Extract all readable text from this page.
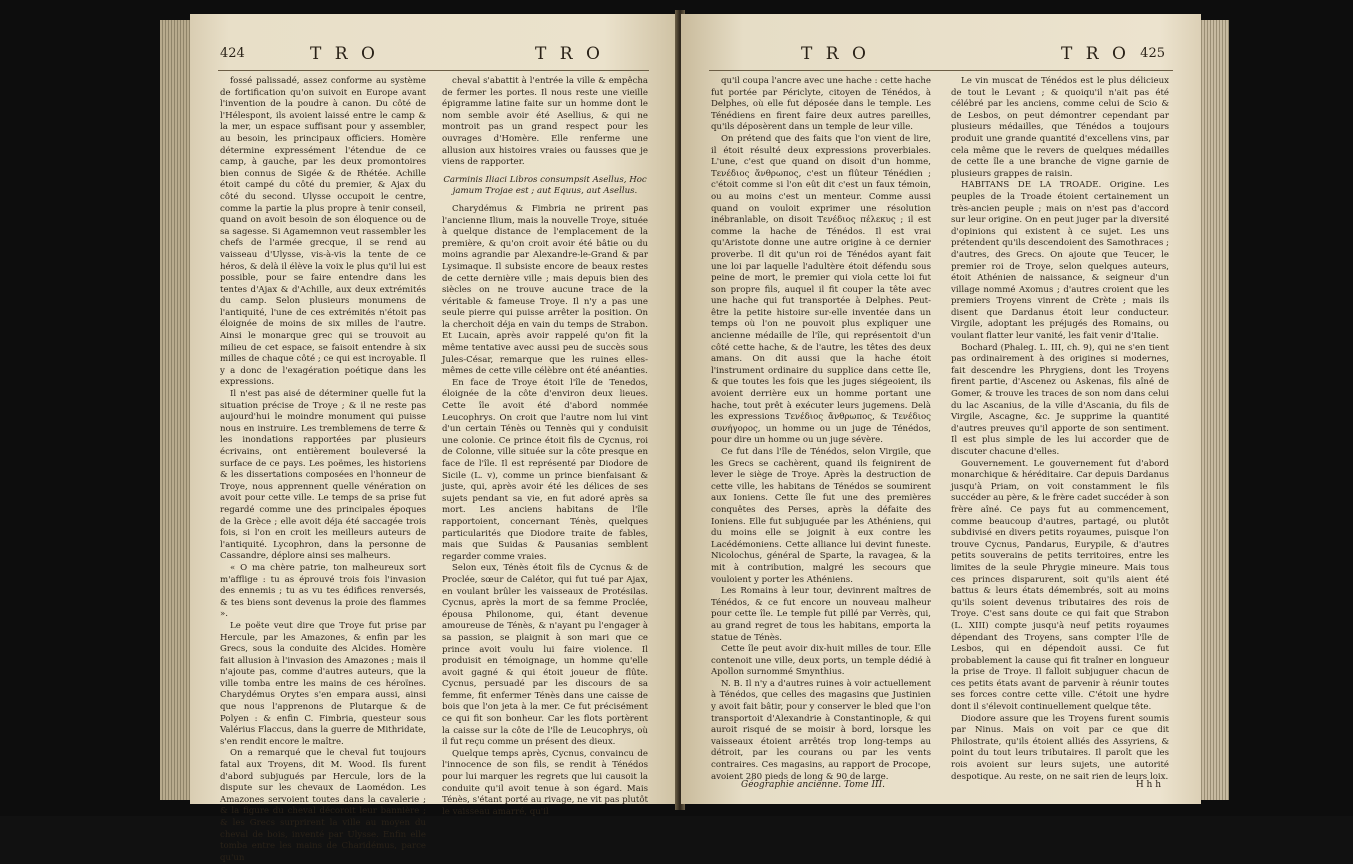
424	T R O	T R O

fossé palissadé, assez conforme au système de fortification qu'on suivoit en Europe avant l'invention de la poudre à canon. Du côté de l'Hélespont, ils avoient laissé entre le camp & la mer, un espace suffisant pour y assembler, au besoin, les principaux officiers. Homère détermine expressément l'étendue de ce camp, à gauche, par les deux promontoires bien connus de Sigée & de Rhétée. Achille étoit campé du côté du premier, & Ajax du côté du second. Ulysse occupoit le centre, comme la partie la plus propre à tenir conseil, quand on avoit besoin de son éloquence ou de sa sagesse. Si Agamemnon veut rassembler les chefs de l'armée grecque, il se rend au vaisseau d'Ulysse, vis-à-vis la tente de ce héros, & delà il élève la voix le plus qu'il lui est possible, pour se faire entendre dans les tentes d'Ajax & d'Achille, aux deux extrémités du camp. Selon plusieurs monumens de l'antiquité, l'une de ces extrémités n'étoit pas éloignée de moins de six milles de l'autre. Ainsi le monarque grec qui se trouvoit au milieu de cet espace, se faisoit entendre à six milles de chaque côté ; ce qui est incroyable. Il y a donc de l'exagération poétique dans les expressions.

Il n'est pas aisé de déterminer quelle fut la situation précise de Troye ; & il ne reste pas aujourd'hui le moindre monument qui puisse nous en instruire. Les tremblemens de terre & les inondations rapportées par plusieurs écrivains, ont entièrement bouleversé la surface de ce pays. Les poëmes, les historiens & les dissertations composées en l'honneur de Troye, nous apprennent quelle vénération on avoit pour cette ville. Le temps de sa prise fut regardé comme une des principales époques de la Grèce ; elle avoit déja été saccagée trois fois, si l'on en croit les meilleurs auteurs de l'antiquité. Lycophron, dans la personne de Cassandre, déplore ainsi ses malheurs.

« O ma chère patrie, ton malheureux sort m'afflige : tu as éprouvé trois fois l'invasion des ennemis ; tu as vu tes édifices renversés, & tes biens sont devenus la proie des flammes ».

Le poëte veut dire que Troye fut prise par Hercule, par les Amazones, & enfin par les Grecs, sous la conduite des Alcides. Homère fait allusion à l'invasion des Amazones ; mais il n'ajoute pas, comme d'autres auteurs, que la ville tomba entre les mains de ces héroïnes. Charydémus Orytes s'en empara aussi, ainsi que nous l'apprenons de Plutarque & de Polyen : & enfin C. Fimbria, questeur sous Valérius Flaccus, dans la guerre de Mithridate, s'en rendit encore le maître.

On a remarqué que le cheval fut toujours fatal aux Troyens, dit M. Wood. Ils furent d'abord subjugués par Hercule, lors de la dispute sur les chevaux de Laomédon. Les Amazones servoient toutes dans la cavalerie ; & la figure du cheval décoroit leur bannière ; & les Grecs surprirent la ville au moyen du cheval de bois, inventé par Ulysse. Enfin elle tomba entre les mains de Charidémus, parce qu'un

cheval s'abattit à l'entrée la ville & empêcha de fermer les portes. Il nous reste une vieille épigramme latine faite sur un homme dont le nom semble avoir été Asellius, & qui ne montroit pas un grand respect pour les ouvrages d'Homère. Elle renferme une allusion aux histoires vraies ou fausses que je viens de rapporter.

Carminis Iliaci Libros consumpsit Asellus, Hoc jamum Trojae est ; aut Equus, aut Asellus.

Charydémus & Fimbria ne prirent pas l'ancienne Ilium, mais la nouvelle Troye, située à quelque distance de l'emplacement de la première, & qu'on croit avoir été bâtie ou du moins agrandie par Alexandre-le-Grand & par Lysimaque. Il subsiste encore de beaux restes de cette dernière ville ; mais depuis bien des siècles on ne trouve aucune trace de la véritable & fameuse Troye. Il n'y a pas une seule pierre qui puisse arrêter la position. On la cherchoit déja en vain du temps de Strabon. Et Lucain, après avoir rappelé qu'on fit la même tentative avec aussi peu de succès sous Jules-César, remarque que les ruines elles-mêmes de cette ville célèbre ont été anéanties.

En face de Troye étoit l'île de Tenedos, éloignée de la côte d'environ deux lieues. Cette île avoit été d'abord nommée Leucophrys. On croit que l'autre nom lui vint d'un certain Ténès ou Tennès qui y conduisit une colonie. Ce prince étoit fils de Cycnus, roi de Colonne, ville située sur la côte presque en face de l'île. Il est représenté par Diodore de Sicile (L. v), comme un prince bienfaisant & juste, qui, après avoir été les délices de ses sujets pendant sa vie, en fut adoré après sa mort. Les anciens habitans de l'île rapportoient, concernant Ténès, quelques particularités que Diodore traite de fables, mais que Suidas & Pausanias semblent regarder comme vraies.

Selon eux, Ténès étoit fils de Cycnus & de Proclée, sœur de Calétor, qui fut tué par Ajax, en voulant brûler les vaisseaux de Protésilas. Cycnus, après la mort de sa femme Proclée, épousa Philonome, qui, étant devenue amoureuse de Ténès, & n'ayant pu l'engager à sa passion, se plaignit à son mari que ce prince avoit voulu lui faire violence. Il produisit en témoignage, un homme qu'elle avoit gagné & qui étoit joueur de flûte. Cycnus, persuadé par les discours de sa femme, fit enfermer Ténès dans une caisse de bois que l'on jeta à la mer. Ce fut précisément ce qui fit son bonheur. Car les flots portèrent la caisse sur la côte de l'île de Leucophrys, où il fut reçu comme un présent des dieux.

Quelque temps après, Cycnus, convaincu de l'innocence de son fils, se rendit à Ténédos pour lui marquer les regrets que lui causoit la conduite qu'il avoit tenue à son égard. Mais Ténès, s'étant porté au rivage, ne vit pas plutôt le vaisseau amarré, qu'il

T R O	T R O 425

qu'il coupa l'ancre avec une hache : cette hache fut portée par Périclyte, citoyen de Ténédos, à Delphes, où elle fut déposée dans le temple. Les Ténédiens en firent faire deux autres pareilles, qu'ils déposèrent dans un temple de leur ville.

On prétend que des faits que l'on vient de lire, il étoit résulté deux expressions proverbiales. L'une, c'est que quand on disoit d'un homme, Τενέδιος ἄνθρωπος, c'est un flûteur Ténédien ; c'étoit comme si l'on eût dit c'est un faux témoin, ou au moins c'est un menteur. Comme aussi quand on vouloit exprimer une résolution inébranlable, on disoit Τενέδιος πέλεκυς ; il est comme la hache de Ténédos. Il est vrai qu'Aristote donne une autre origine à ce dernier proverbe. Il dit qu'un roi de Ténédos ayant fait une loi par laquelle l'adultère étoit défendu sous peine de mort, le premier qui viola cette loi fut son propre fils, auquel il fit couper la tête avec une hache qui fut transportée à Delphes. Peut-être la petite histoire sur-elle inventée dans un temps où l'on ne pouvoit plus expliquer une ancienne médaille de l'île, qui représentoit d'un côté cette hache, & de l'autre, les têtes des deux amans. On dit aussi que la hache étoit l'instrument ordinaire du supplice dans cette île, & que toutes les fois que les juges siégeoient, ils avoient derrière eux un homme portant une hache, tout prêt à exécuter leurs jugemens. Delà les expressions Τενέδιος ἄνθρωπος, & Τενέδιος συνήγορος, un homme ou un juge de Ténédos, pour dire un homme ou un juge sévère.

Ce fut dans l'île de Ténédos, selon Virgile, que les Grecs se cachèrent, quand ils feignirent de lever le siège de Troye. Après la destruction de cette ville, les habitans de Ténédos se soumirent aux Ioniens. Cette île fut une des premières conquêtes des Perses, après la défaite des Ioniens. Elle fut subjuguée par les Athéniens, qui du moins elle se joignit à eux contre les Lacédémoniens. Cette alliance lui devint funeste. Nicolochus, général de Sparte, la ravagea, & la mit à contribution, malgré les secours que vouloient y porter les Athéniens.

Les Romains à leur tour, devinrent maîtres de Ténédos, & ce fut encore un nouveau malheur pour cette île. Le temple fut pillé par Verrès, qui, au grand regret de tous les habitans, emporta la statue de Ténès.

Cette île peut avoir dix-huit milles de tour. Elle contenoit une ville, deux ports, un temple dédié à Apollon surnommé Smynthius.

N. B. Il n'y a d'autres ruines à voir actuellement à Ténédos, que celles des magasins que Justinien y avoit fait bâtir, pour y conserver le bled que l'on transportoit d'Alexandrie à Constantinople, & qui auroit risqué de se moisir à bord, lorsque les vaisseaux étoient arrêtés trop long-temps au détroit, par les courans ou par les vents contraires. Ces magasins, au rapport de Procope, avoient 280 pieds de long & 90 de large.

Le vin muscat de Ténédos est le plus délicieux de tout le Levant ; & quoiqu'il n'ait pas été célébré par les anciens, comme celui de Scio & de Lesbos, on peut démontrer cependant par plusieurs médailles, que Ténédos a toujours produit une grande quantité d'excellens vins, par cela même que le revers de quelques médailles de cette île a une branche de vigne garnie de plusieurs grappes de raisin.

HABITANS DE LA TROADE. Origine. Les peuples de la Troade étoient certainement un très-ancien peuple ; mais on n'est pas d'accord sur leur origine. On en peut juger par la diversité d'opinions qui existent à ce sujet. Les uns prétendent qu'ils descendoient des Samothraces ; d'autres, des Grecs. On ajoute que Teucer, le premier roi de Troye, selon quelques auteurs, étoit Athénien de naissance, & seigneur d'un village nommé Axomus ; d'autres croient que les premiers Troyens vinrent de Crète ; mais ils disent que Dardanus étoit leur conducteur. Virgile, adoptant les préjugés des Romains, ou voulant flatter leur vanité, les fait venir d'Italie.

Bochard (Phaleg. L. III, ch. 9), qui ne s'en tient pas ordinairement à des origines si modernes, fait descendre les Phrygiens, dont les Troyens firent partie, d'Ascenez ou Askenas, fils aîné de Gomer, & trouve les traces de son nom dans celui du lac Ascanius, de la ville d'Ascania, du fils de Virgile, Ascagne, &c. Je supprime la quantité d'autres preuves qu'il apporte de son sentiment. Il est plus simple de les lui accorder que de discuter chacune d'elles.

Gouvernement. Le gouvernement fut d'abord monarchique & héréditaire. Car depuis Dardanus jusqu'à Priam, on voit constamment le fils succéder au père, & le frère cadet succéder à son frère aîné. Ce pays fut au commencement, comme beaucoup d'autres, partagé, ou plutôt subdivisé en divers petits royaumes, puisque l'on trouve Cycnus, Pandarus, Eurypile, & d'autres petits souverains de petits territoires, entre les limites de la seule Phrygie mineure. Mais tous ces princes disparurent, soit qu'ils aient été battus & leurs états démembrés, soit au moins qu'ils soient devenus tributaires des rois de Troye. C'est sans doute ce qui fait que Strabon (L. XIII) compte jusqu'à neuf petits royaumes dépendant des Troyens, sans compter l'île de Lesbos, qui en dépendoit aussi. Ce fut probablement la cause qui fit traîner en longueur la prise de Troye. Il falloit subjuguer chacun de ces petits états avant de parvenir à réunir toutes ses forces contre cette ville. C'étoit une hydre dont il s'élevoit continuellement quelque tête.

Diodore assure que les Troyens furent soumis par Ninus. Mais on voit par ce que dit Philostrate, qu'ils étoient alliés des Assyriens, & point du tout leurs tributaires. Il paroît que les rois avoient sur leurs sujets, une autorité despotique. Au reste, on ne sait rien de leurs loix.

Géographie ancienne. Tome III.	H h h
